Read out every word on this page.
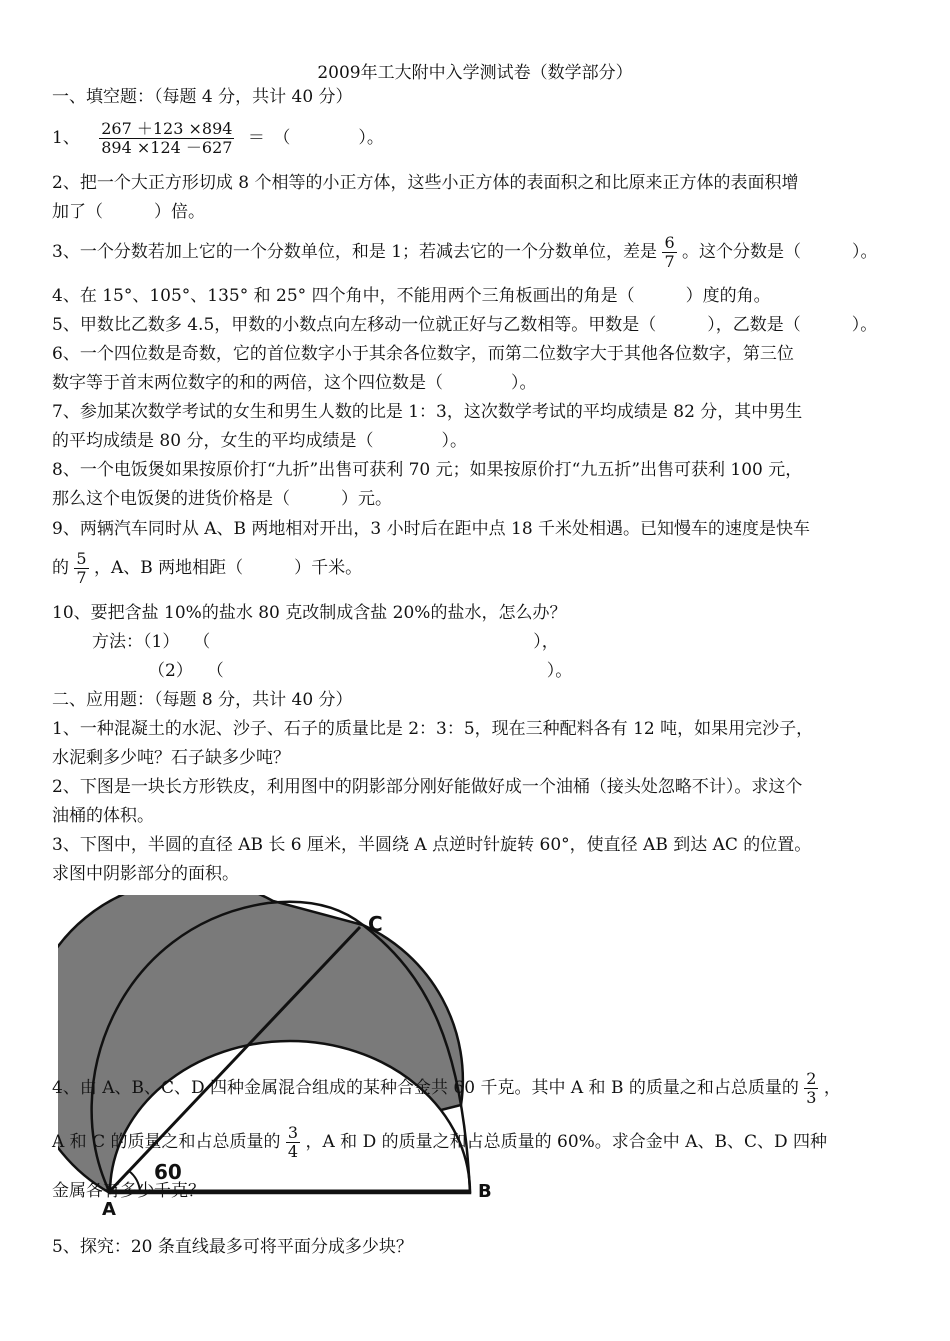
2009年工大附中入学测试卷（数学部分）
一、填空题：（每题 4 分，共计 40 分）
1、 $\frac{267 +123 \times 894}{894 \times 124 -627}$ ＝　（　　　　）。
2、把一个大正方形切成 8 个相等的小正方体，这些小正方体的表面积之和比原来正方体的表面积增
加了（　　　）倍。
3、一个分数若加上它的一个分数单位，和是 1；若减去它的一个分数单位，差是 $\frac{6}{7}$ 。这个分数是（　　　）。
4、在 15°、105°、135° 和 25° 四个角中，不能用两个三角板画出的角是（　　　）度的角。
5、甲数比乙数多 4.5，甲数的小数点向左移动一位就正好与乙数相等。甲数是（　　　），乙数是（　　　）。
6、一个四位数是奇数，它的首位数字小于其余各位数字，而第二位数字大于其他各位数字，第三位
数字等于首末两位数字的和的两倍，这个四位数是（　　　　）。
7、参加某次数学考试的女生和男生人数的比是 1：3，这次数学考试的平均成绩是 82 分，其中男生
的平均成绩是 80 分，女生的平均成绩是（　　　　）。
8、一个电饭煲如果按原价打“九折”出售可获利 70 元；如果按原价打“九五折”出售可获利 100 元，
那么这个电饭煲的进货价格是（　　　）元。
9、两辆汽车同时从 A、B 两地相对开出，3 小时后在距中点 18 千米处相遇。已知慢车的速度是快车
的 $\frac{5}{7}$ ，A、B 两地相距（　　　）千米。
10、要把含盐 10%的盐水 80 克改制成含盐 20%的盐水，怎么办？
方法：（1）　 （　　　　　　　　　　　　　　　　　　　），
（2）　 （　　　　　　　　　　　　　　　　　　　）。
二、应用题：（每题 8 分，共计 40 分）
1、一种混凝土的水泥、沙子、石子的质量比是 2：3：5，现在三种配料各有 12 吨，如果用完沙子，
水泥剩多少吨？石子缺多少吨？
2、下图是一块长方形铁皮，利用图中的阴影部分刚好能做好成一个油桶（接头处忽略不计）。求这个
油桶的体积。
3、下图中，半圆的直径 AB 长 6 厘米，半圆绕 A 点逆时针旋转 60°，使直径 AB 到达 AC 的位置。
求图中阴影部分的面积。
C
A
B
60
4、由 A、B、C、D 四种金属混合组成的某种合金共 60 千克。其中 A 和 B 的质量之和占总质量的 $\frac{2}{3}$ ，
A 和 C 的质量之和占总质量的 $\frac{3}{4}$ ，A 和 D 的质量之和占总质量的 60%。求合金中 A、B、C、D 四种
金属各有多少千克？
5、探究：20 条直线最多可将平面分成多少块？
